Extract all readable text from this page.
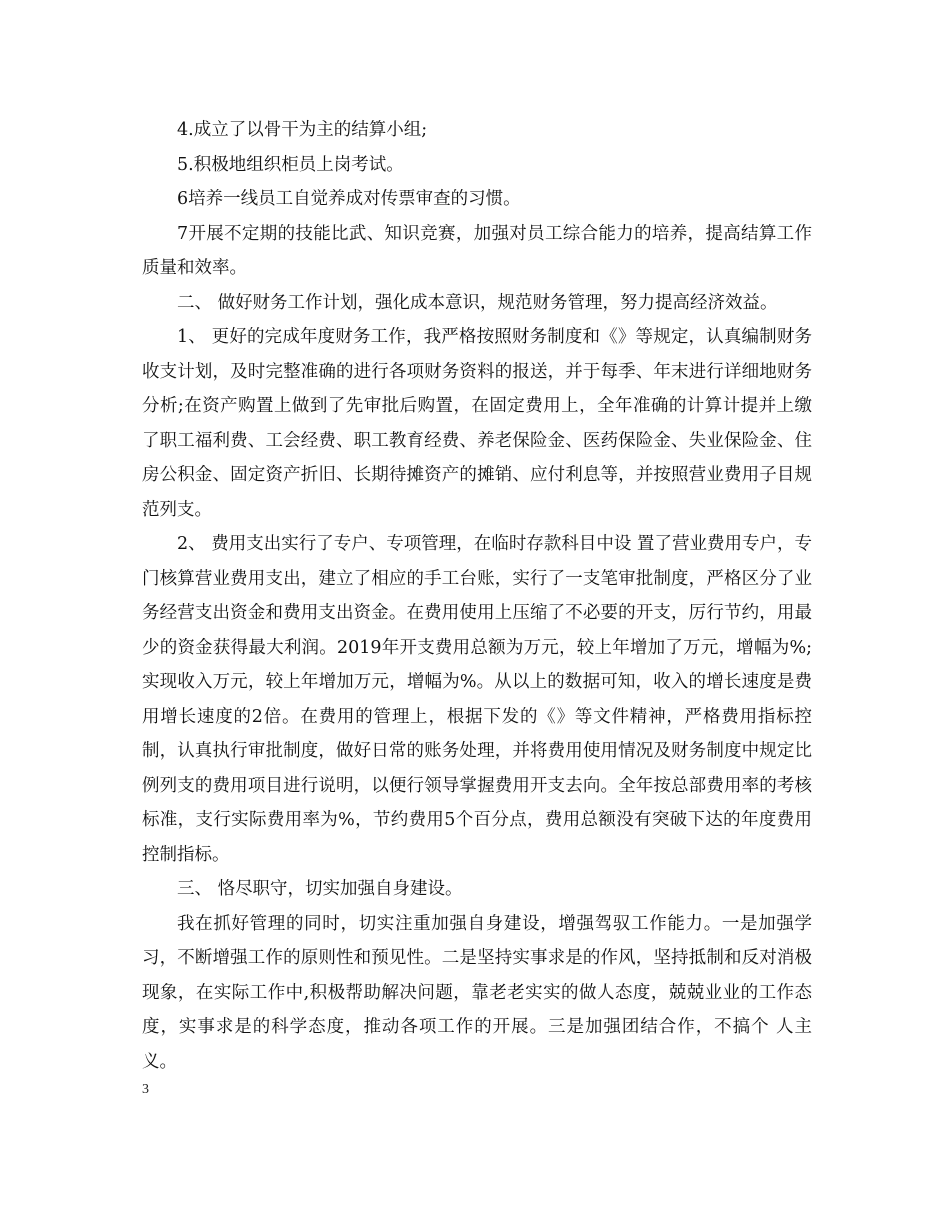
4.成立了以骨干为主的结算小组;

5.积极地组织柜员上岗考试。

6培养一线员工自觉养成对传票审查的习惯。

7开展不定期的技能比武、知识竞赛，加强对员工综合能力的培养，提高结算工作质量和效率。

二、 做好财务工作计划，强化成本意识，规范财务管理，努力提高经济效益。

1、 更好的完成年度财务工作，我严格按照财务制度和《》等规定，认真编制财务收支计划，及时完整准确的进行各项财务资料的报送，并于每季、年末进行详细地财务分析;在资产购置上做到了先审批后购置，在固定费用上，全年准确的计算计提并上缴了职工福利费、工会经费、职工教育经费、养老保险金、医药保险金、失业保险金、住房公积金、固定资产折旧、长期待摊资产的摊销、应付利息等，并按照营业费用子目规范列支。

2、 费用支出实行了专户、专项管理，在临时存款科目中设 置了营业费用专户，专门核算营业费用支出，建立了相应的手工台账，实行了一支笔审批制度，严格区分了业务经营支出资金和费用支出资金。在费用使用上压缩了不必要的开支，厉行节约，用最少的资金获得最大利润。2019年开支费用总额为万元，较上年增加了万元，增幅为%;实现收入万元，较上年增加万元，增幅为%。从以上的数据可知，收入的增长速度是费用增长速度的2倍。在费用的管理上，根据下发的《》等文件精神，严格费用指标控制，认真执行审批制度，做好日常的账务处理，并将费用使用情况及财务制度中规定比例列支的费用项目进行说明，以便行领导掌握费用开支去向。全年按总部费用率的考核标准，支行实际费用率为%，节约费用5个百分点，费用总额没有突破下达的年度费用控制指标。

三、 恪尽职守，切实加强自身建设。

我在抓好管理的同时，切实注重加强自身建设，增强驾驭工作能力。一是加强学习，不断增强工作的原则性和预见性。二是坚持实事求是的作风，坚持抵制和反对消极现象，在实际工作中,积极帮助解决问题，靠老老实实的做人态度，兢兢业业的工作态度，实事求是的科学态度，推动各项工作的开展。三是加强团结合作，不搞个 人主义。

3
